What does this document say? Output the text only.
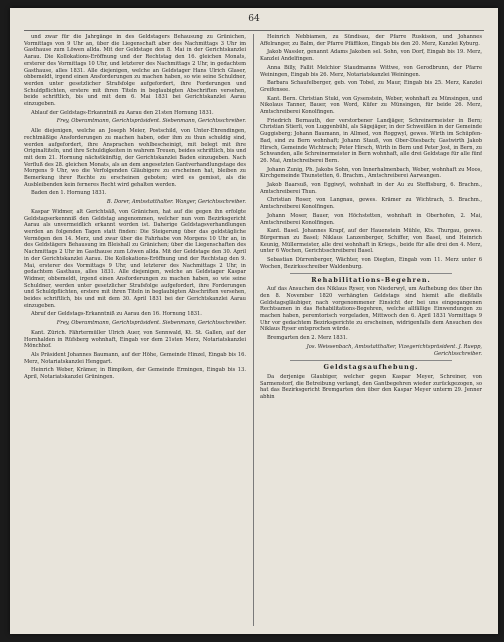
64

und zwar für die Jahrgänge in des Geldstagers Behausung zu Grünichen, Vormittags von 9 Uhr an, über die Liegenschaft aber des Nachmittags 3 Uhr im Gasthause zum Löwen allda. Mit der Geldstage den 8. Mai in der Gerichtskanzlei Aarau. Die Kollokations-Eröffnung und der Rechtstag den 16. gleichen Monats, ersterer des Vormittags 10 Uhr, und letzterer des Nachmittags 2 Uhr, in gedachtem Gasthause, alles 1831. Alle diejenigen, welche an Geldstager Hans Ulrich Glaser, obbemeldt, irgend einen Ansforderungen zu machen haben, so wie seine Schuldner, werden unter gesetzlicher Strafsfolge aufgefordert, ihre Forderungen und Schuldpflichten, erstere mit ihren Titeln in beglaubigten Abschriften versehen, beide schriftlich, bis und mit dem 6. Mai 1831 bei Gerichtskanzlei Aarau einzugeben.

Ablauf der Geldstags-Erkanntniß zu Aarau den 21sten Hornung 1831.

Frey, Oberamtmann, Gerichtspräsident. Siebenmann, Gerichtsschreiber.

Alle diejenigen, welche an Joseph Meier, Postschild, von Unter-Ehrendingen, rechtmäßige Ansforderungen zu machen haben, oder ihm zu thun schuldig sind, werden aufgefordert, ihre Ansprachen wohlbescheinigt, mit belegt mit ihre Originaltiteln, und ihre Schuldigkeiten in wahrem Treuen, beides schriftlich, bis und mit dem 21. Hornung nächstkünftig, der Gerichtskanzlei Baden einzugeben. Nach Verfluß des 28. gleichen Monats, als an dem angesetzten Gantverhandlungstage des Morgens 9 Uhr, wo die Verfolgenden Gläubigere zu erscheinen hat, bleiben zu Bemerkung ihrer Rechte zu erscheinen geboten; wird es gemisst, als die Ausbleibenden kein ferneres Recht wird gehalten werden.

Baden den 1. Hornung 1831.

B. Dorer, Amtsstatthalter. Wanger, Gerichtsschreiber.

Kaspar Widmer, alt Gerichtsäß, von Gränichen, hat auf die gegen ihn erfolgte Geldstagserkennniß den Geldstag angenommen, welcher nun vom Bezirksgericht Aarau als unvermeidlich erkannt worden ist. Daherige Geldstagsverhandlungen werden an folgenden Tagen statt finden: Die Steigerung über das geldstägliche Vermögen den 14. Merz, und zwar über die Fahrhabe von Morgens 10 Uhr an, in des Geldstägers Behausung im Bleishall zu Gränichen; über die Liegenschaften des Nachmittags 2 Uhr im Gasthause zum Löwen allda. Mit der Geldstage den 30. April in der Gerichtskanzlei Aarau. Die Kollokations-Eröffnung und der Rechtstag den 9. Mai, ersterer des Vormittags 9 Uhr, und letzterer des Nachmittags 2 Uhr, in gedachtem Gasthaus, alles 1831. Alle diejenigen, welche an Geldstager Kaspar Widmer, obbemeldt, irgend einen Ansforderungen zu machen haben, so wie seine Schuldner, werden unter gesetzlicher Strafsfolge aufgefordert, ihre Forderungen und Schuldpflichten, erstere mit ihren Titeln in beglaubigten Abschriften versehen, beides schriftlich, bis und mit dem 30. April 1831 bei der Gerichtskanzlei Aarau einzugeben.

Abruf der Geldstags-Erkanntniß zu Aarau den 16. Hornung 1831.

Frey, Oberamtmann, Gerichtspräsident. Siebenmann, Gerichtsschreiber.

Kant. Zürich. Fährtermüller Ulrich Auer, von Sennwald, Kt. St. Gallen, auf der Hornhalden in Rüfsberg wohnhaft, Eingab vor dem 21sten Merz, Notariatskanzlei Mönchhof.

Als Präsident Johannes Baumann, auf der Höhe, Gemeinde Hinzel, Eingab bis 16. Merz, Notariatskanzlei Henggart.

Heinrich Weber, Krämer, in Bimpiken, der Gemeinde Ermingen, Eingab bis 13. April, Notariatskanzlei Grüningen.

Heinrich Nebbiamen, zu Sündisau, der Pfarre Ruskison, und Johannes Affelranger, zu Balm, der Pfarre Pfäffikon, Eingab bis den 20. Merz, Kanzlei Kyburg.

Jakob Wassler, genannt Adams Jakoben sel. Sohn, von Dorf, Eingab bis 19. Merz, Kanzlei Andelfingen.

Anna Billy, Fallit Melchior Staudmanns Wittwe, von Gerodbrunn, der Pfarre Weiningen, Eingab bis 26. Merz, Notariatskanzlei Weiningen.

Barbara Schaufelberger, geb. von Tobel, zu Maur, Eingab bis 25. Merz, Kanzlei Greifensee.

Kant. Bern. Christian Stuki, von Gysenstein, Weber, wohnhaft zu Münsingen, und Nikolaus Tanner, Bauer, von Word, Küfer zu Münsingen, für beide 26. Merz, Amtschreiberei Konolfingen.

Friedrich Bernauth, der verstorbener Landjäger, Schreinermeister in Bern; Christian Stierli, von Luggenbühl, als Sägejäger, in der Schweißlen in der Gemeinde Guggisberg; Johann Baumann, in Allmed, von Roggwyl, gewes. Wirth im Schüpfen-Bad, sind zu Bern wohnhaft; Johann Stauß, von Ober-Diesbach; Gastwirth Jakob Hirsch, Gemeinde Wichtrach; Peter Hirsch, Wirth in Bern und Peter Jost, in Bern, zu Schwanden, alle Schreinermeister in Bern wohnhaft, alle drei Geldstage für alle fünf 26. Mai, Amtschreiberei Bern.

Johann Zunig, Ph. Jakobs Sohn, von Innerhalmenbach, Weber, wohnhaft zu Moos, Kirchgemeinde Thunstetten, 6. Brachm., Amtschreiberei Aarwangen.

Jakob Baarsuß, von Eggiwyl, wohnhaft in der Au zu Steffisburg, 6. Brachm., Amtschreiberei Thun.

Christian Roser, von Langnau, gewes. Krämer zu Wichtrach, 5. Brachm., Amtschreiberei Konolfingen.

Johann Moser, Bauer, von Höchstetten, wohnhaft in Oberhofen, 2. Mai, Amtschreiberei Konolfingen.

Kant. Basel. Johannes Krapf, auf der Hauenstein Mühle, Kts. Thurgau, gewes. Bürgerman zu Basel; Niklaus Lanzenberger, Schiffer, von Basel, und Heinrich Keunig, Müllermeister, alle drei wohnhaft in Kriegs., beide für alle drei den 4. Merz, unter 6 Wochen, Gerichtsschreiberei Basel.

Sebastian Dürrenberger, Wächter, von Diegten, Eingab vom 11. Merz unter 6 Wochen, Bezirksschreiber Waldenburg.

Rehabilitations-Begehren.

Auf das Ansuchen des Niklaus Ryser, von Niederwyl, um Aufhebung des über ihn den 8. November 1820 verhängten Geldstags sind hiemit alle dießfalls Geldstagsgläubiger, nach vorgenommener Einsicht der bei uns eingegangenen Rechtsamen in das Rehabilitations-Begehren, welche allfällige Einwendungen zu machen haben, peremtorisch vorgeladen, Mittwoch den 6. April 1831 Vormittags 9 Uhr vor gedachtem Bezirksgerichte zu erscheinen, widrigenfalls dem Ansuchen des Niklaus Ryser entsprochen würde.

Bremgarten den 2. Merz 1831.

Jos. Weissenbach, Amtsstatthalter, Vizegerichtspräsident. J. Ruepp, Gerichtsschreiber.

Geldstagsaufhebung.

Da derjenige Glaubiger, welcher gegen Kaspar Meyer, Schreiner, von Sarmenstorf, die Betreibung verlangt, den Gantbegehren wieder zurückgezogen, so hat das Bezirksgericht Bremgarten den über den Kaspar Meyer unterm 29. Jenner abhin
